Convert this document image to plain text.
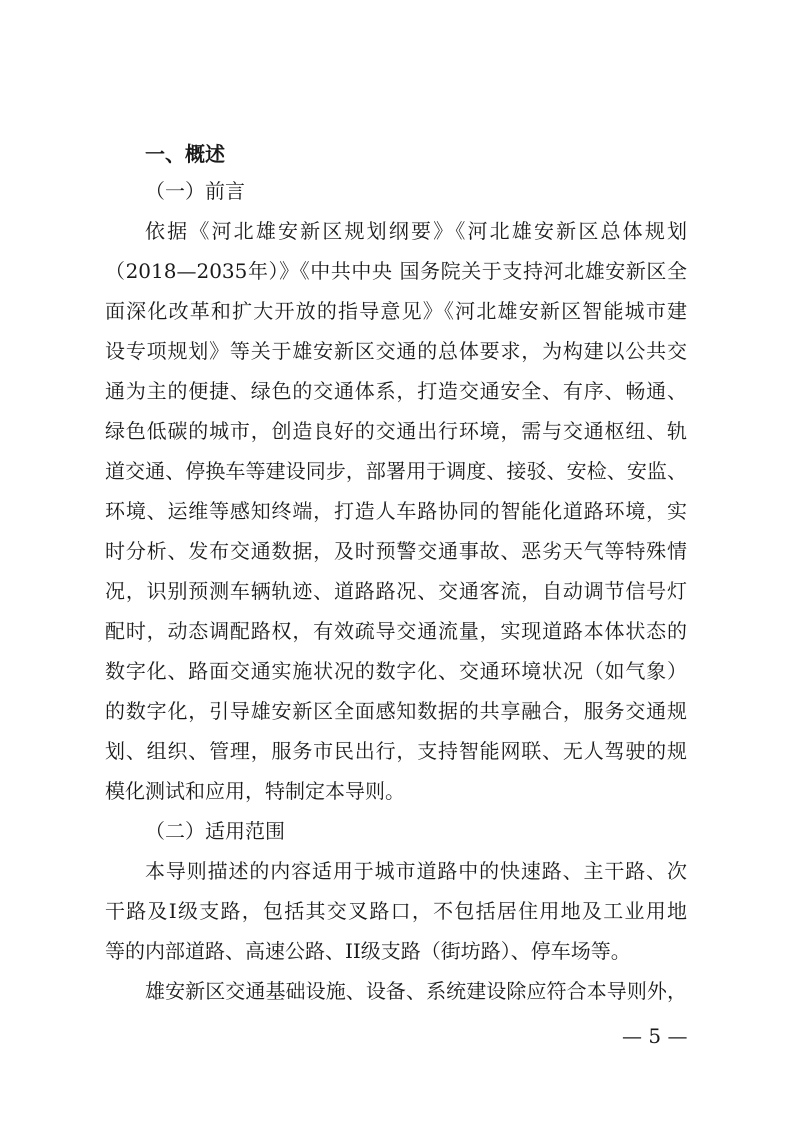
一、概述
（一）前言
依据《河北雄安新区规划纲要》《河北雄安新区总体规划
（2018—2035年）》《中共中央 国务院关于支持河北雄安新区全
面深化改革和扩大开放的指导意见》《河北雄安新区智能城市建
设专项规划》等关于雄安新区交通的总体要求，为构建以公共交
通为主的便捷、绿色的交通体系，打造交通安全、有序、畅通、
绿色低碳的城市，创造良好的交通出行环境，需与交通枢纽、轨
道交通、停换车等建设同步，部署用于调度、接驳、安检、安监、
环境、运维等感知终端，打造人车路协同的智能化道路环境，实
时分析、发布交通数据，及时预警交通事故、恶劣天气等特殊情
况，识别预测车辆轨迹、道路路况、交通客流，自动调节信号灯
配时，动态调配路权，有效疏导交通流量，实现道路本体状态的
数字化、路面交通实施状况的数字化、交通环境状况（如气象）
的数字化，引导雄安新区全面感知数据的共享融合，服务交通规
划、组织、管理，服务市民出行，支持智能网联、无人驾驶的规
模化测试和应用，特制定本导则。
（二）适用范围
本导则描述的内容适用于城市道路中的快速路、主干路、次
干路及I级支路，包括其交叉路口，不包括居住用地及工业用地
等的内部道路、高速公路、II级支路（街坊路）、停车场等。
雄安新区交通基础设施、设备、系统建设除应符合本导则外，
— 5 —
